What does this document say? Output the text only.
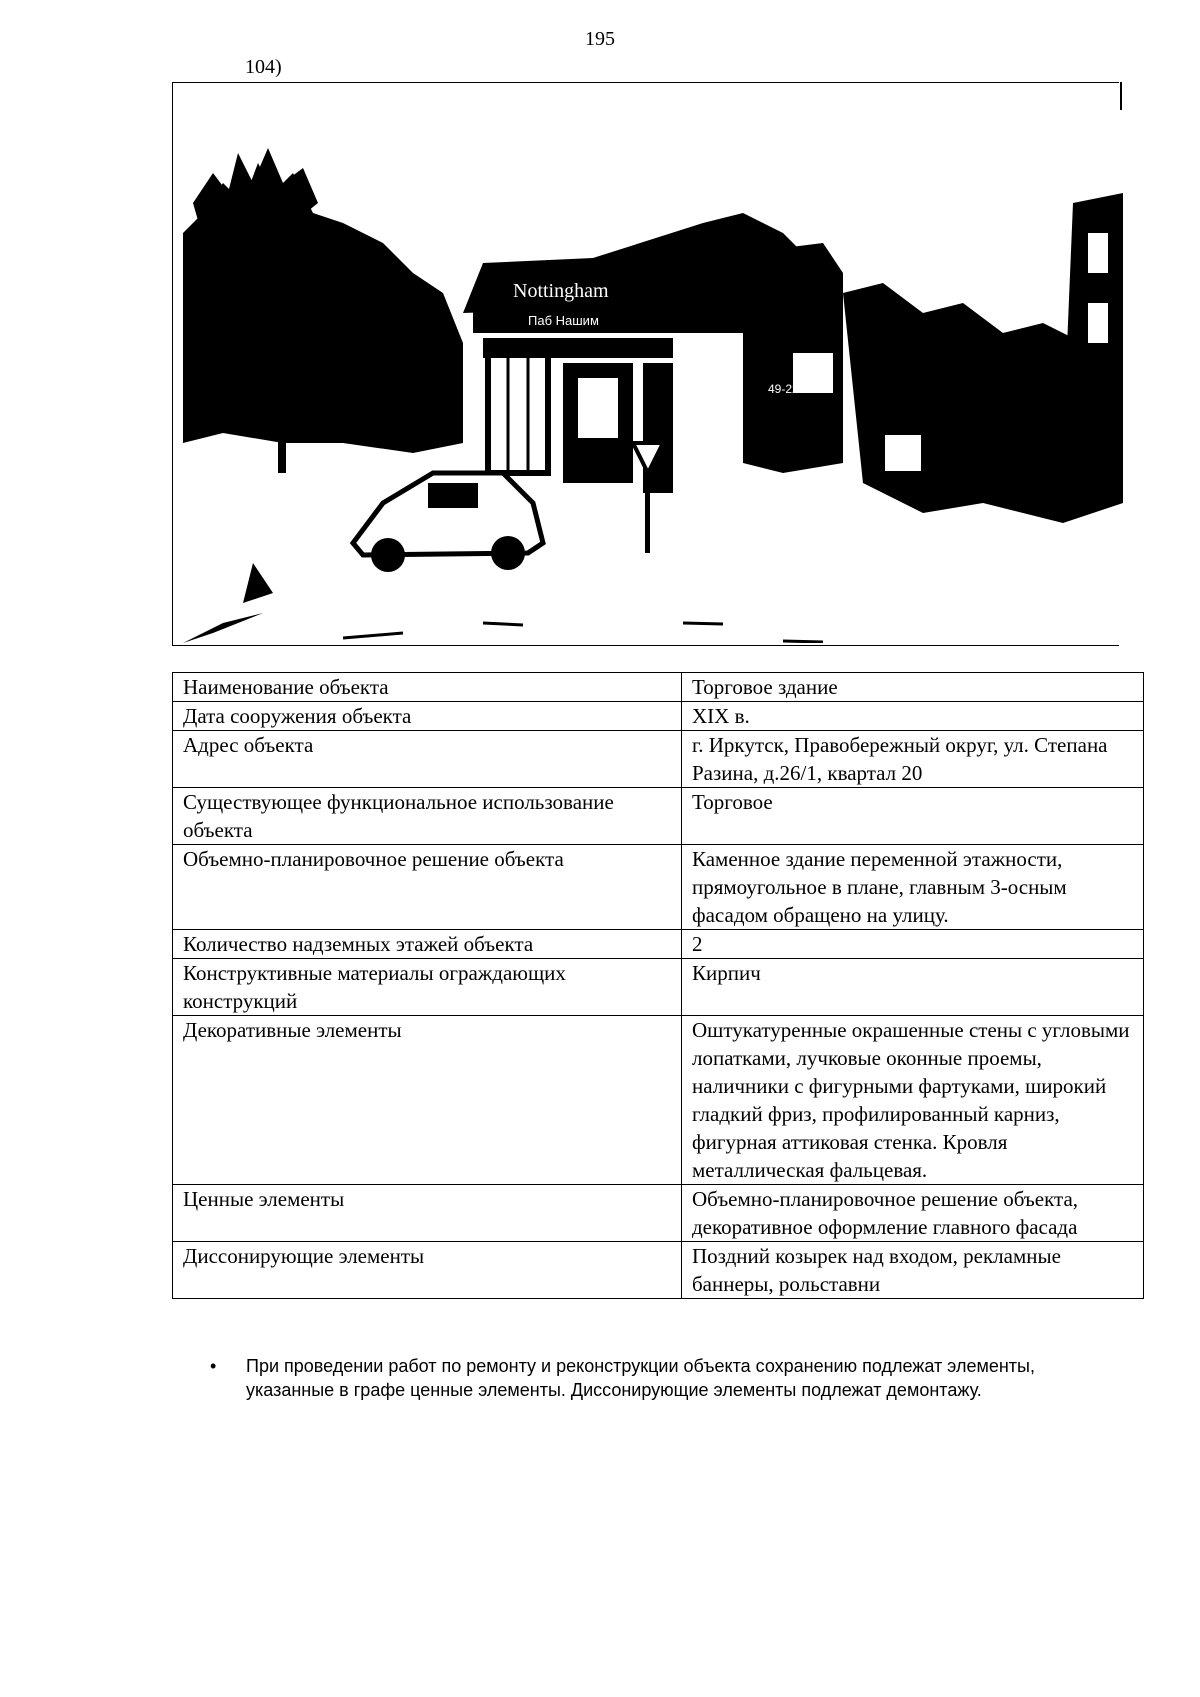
195
104)
Nottingham
Паб Нашим
49-22-83
Наименование объекта	Торговое здание
Дата сооружения объекта	XIX в.
Адрес объекта	г. Иркутск, Правобережный округ, ул. Степана Разина, д.26/1, квартал 20
Существующее функциональное использование объекта	Торговое
Объемно-планировочное решение объекта	Каменное здание переменной этажности, прямоугольное в плане, главным 3-осным фасадом обращено на улицу.
Количество надземных этажей объекта	2
Конструктивные материалы ограждающих конструкций	Кирпич
Декоративные элементы	Оштукатуренные окрашенные стены с угловыми лопатками, лучковые оконные проемы, наличники с фигурными фартуками, широкий гладкий фриз, профилированный карниз, фигурная аттиковая стенка. Кровля металлическая фальцевая.
Ценные элементы	Объемно-планировочное решение объекта, декоративное оформление главного фасада
Диссонирующие элементы	Поздний козырек над входом, рекламные баннеры, рольставни
• При проведении работ по ремонту и реконструкции объекта сохранению подлежат элементы, указанные в графе ценные элементы. Диссонирующие элементы подлежат демонтажу.
